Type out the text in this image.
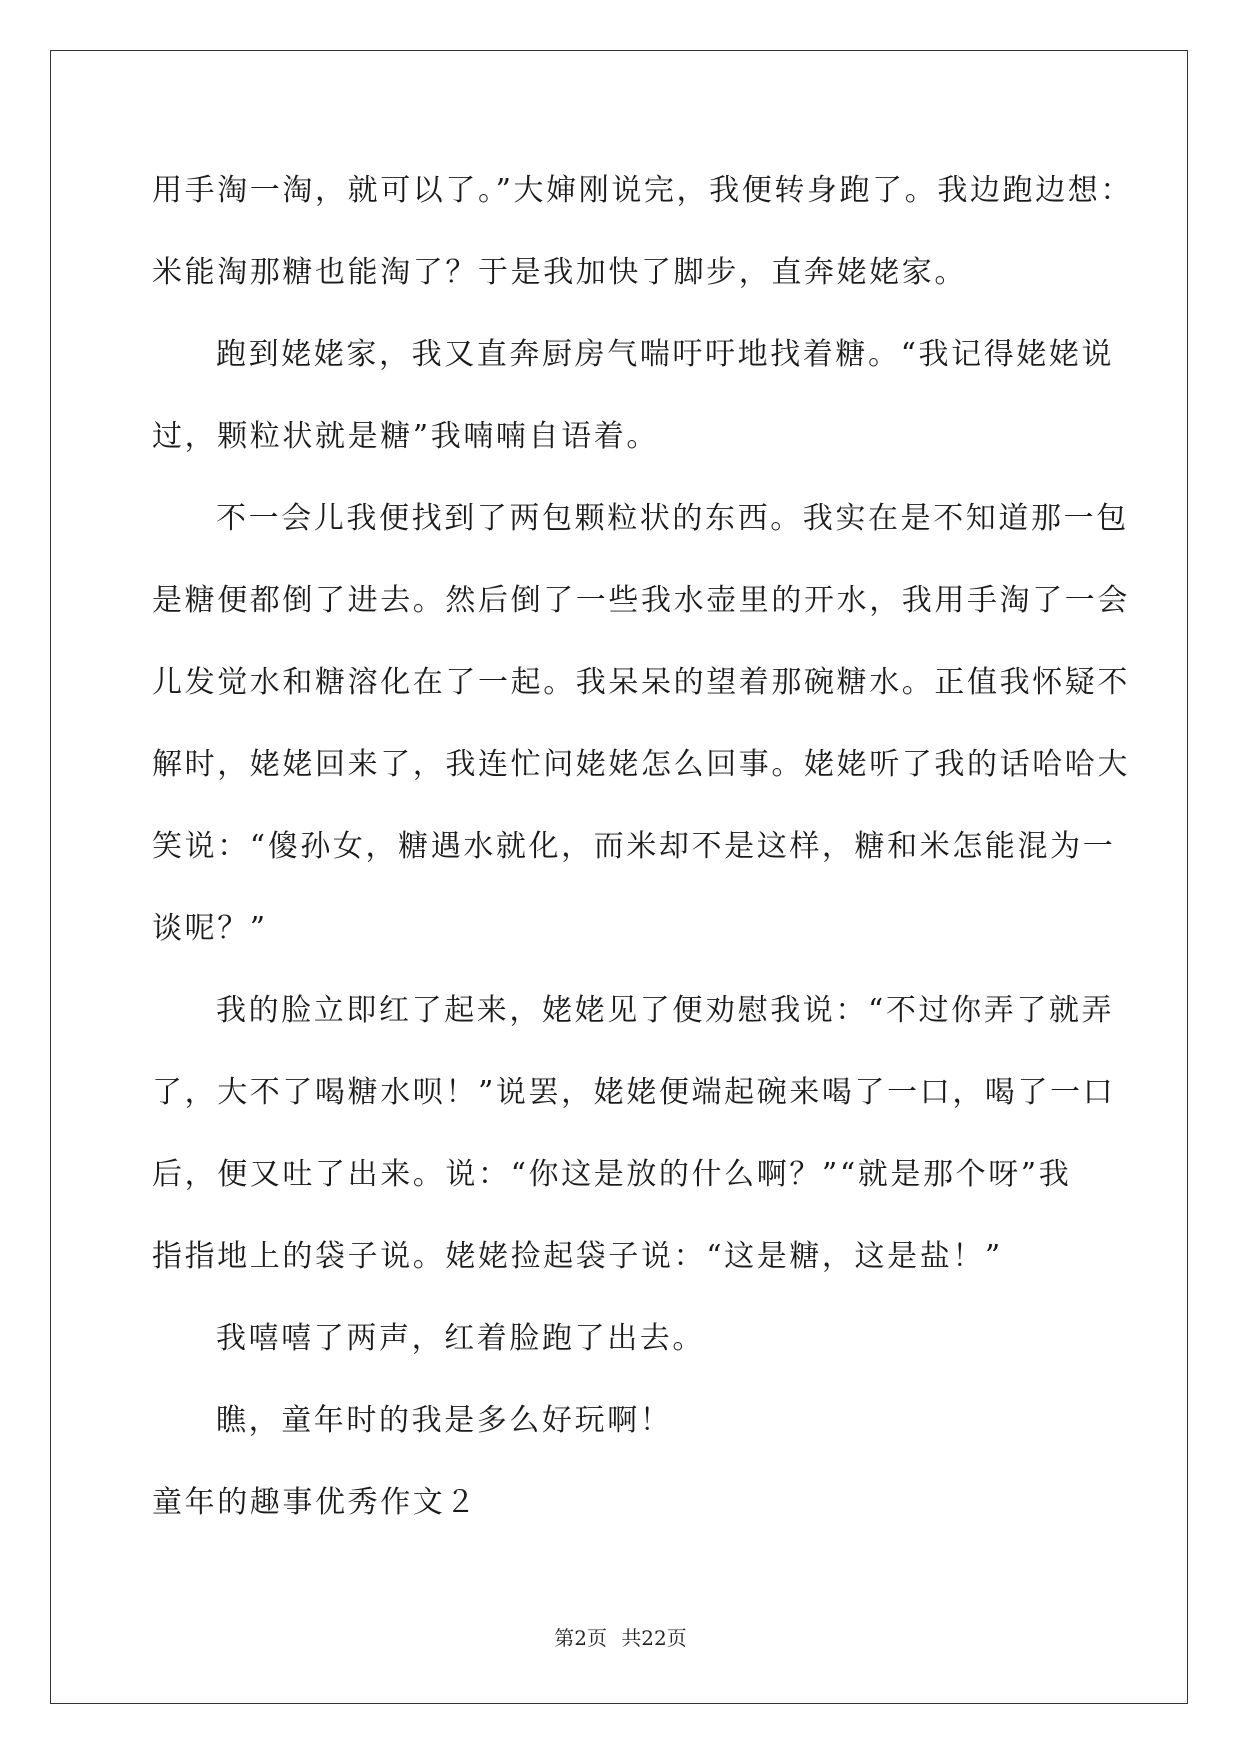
用手淘一淘，就可以了。”大婶刚说完，我便转身跑了。我边跑边想：
米能淘那糖也能淘了？于是我加快了脚步，直奔姥姥家。
跑到姥姥家，我又直奔厨房气喘吁吁地找着糖。“我记得姥姥说
过，颗粒状就是糖”我喃喃自语着。
不一会儿我便找到了两包颗粒状的东西。我实在是不知道那一包
是糖便都倒了进去。然后倒了一些我水壶里的开水，我用手淘了一会
儿发觉水和糖溶化在了一起。我呆呆的望着那碗糖水。正值我怀疑不
解时，姥姥回来了，我连忙问姥姥怎么回事。姥姥听了我的话哈哈大
笑说：“傻孙女，糖遇水就化，而米却不是这样，糖和米怎能混为一
谈呢？”
我的脸立即红了起来，姥姥见了便劝慰我说：“不过你弄了就弄
了，大不了喝糖水呗！”说罢，姥姥便端起碗来喝了一口，喝了一口
后，便又吐了出来。说：“你这是放的什么啊？”“就是那个呀”我
指指地上的袋子说。姥姥捡起袋子说：“这是糖，这是盐！”
我嘻嘻了两声，红着脸跑了出去。
瞧，童年时的我是多么好玩啊！
童年的趣事优秀作文２
第2页 共22页
